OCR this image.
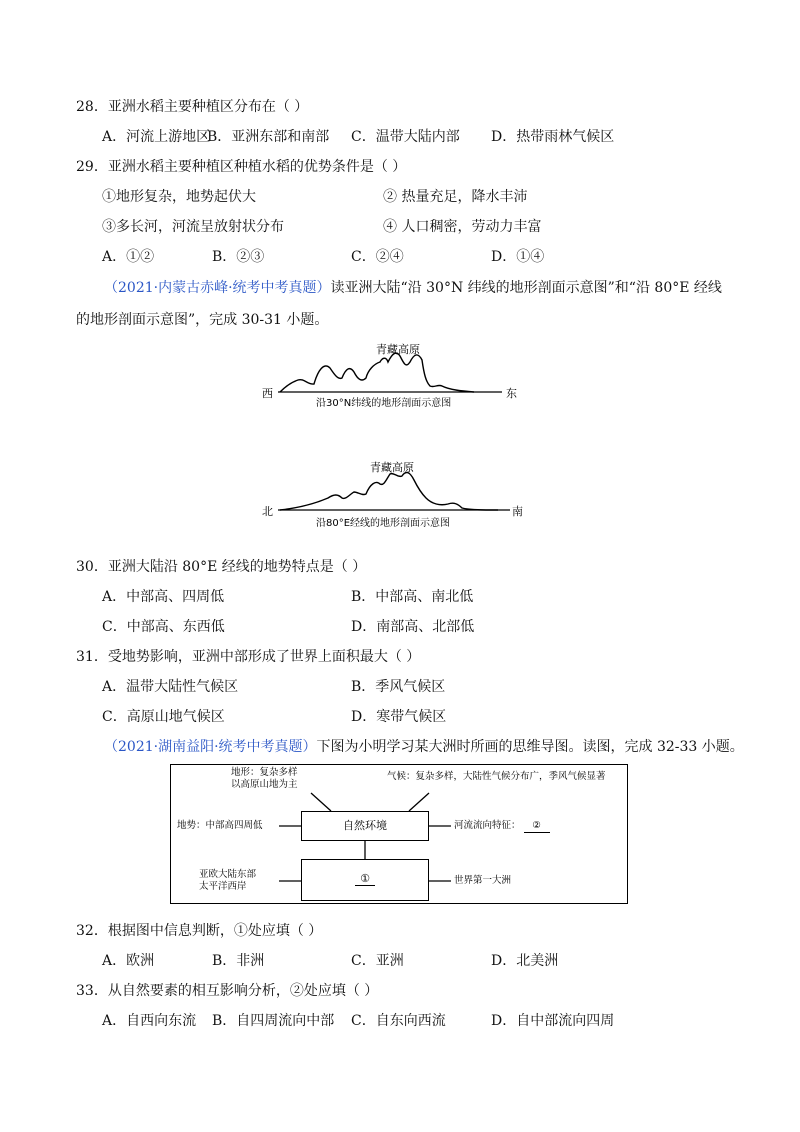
28．亚洲水稻主要种植区分布在（ ）
A．河流上游地区
B．亚洲东部和南部 C．温带大陆内部 D．热带雨林气候区
29．亚洲水稻主要种植区种植水稻的优势条件是（ ）
①地形复杂，地势起伏大	② 热量充足，降水丰沛
③多长河，河流呈放射状分布	④ 人口稠密，劳动力丰富
A．①②	B．②③	C．②④	D．①④
（2021·内蒙古赤峰·统考中考真题）读亚洲大陆“沿 30°N 纬线的地形剖面示意图”和“沿 80°E 经线
的地形剖面示意图”，完成 30-31 小题。
青藏高原
西	东
沿30°N纬线的地形剖面示意图
青藏高原
北	南
沿80°E经线的地形剖面示意图
30．亚洲大陆沿 80°E 经线的地势特点是（ ）
A．中部高、四周低	B．中部高、南北低
C．中部高、东西低	D．南部高、北部低
31．受地势影响，亚洲中部形成了世界上面积最大（ ）
A．温带大陆性气候区	B．季风气候区
C．高原山地气候区	D．寒带气候区
（2021·湖南益阳·统考中考真题）下图为小明学习某大洲时所画的思维导图。读图，完成 32-33 小题。
地形：复杂多样
以高原山地为主
气候：复杂多样，大陆性气候分布广，季风气候显著
地势：中部高四周低	自然环境	河流流向特征： ②
亚欧大陆东部
太平洋西岸
①	世界第一大洲
32．根据图中信息判断，①处应填（ ）
A．欧洲	B．非洲	C．亚洲	D．北美洲
33．从自然要素的相互影响分析，②处应填（ ）
A．自西向东流 B．自四周流向中部 C．自东向西流	D．自中部流向四周
